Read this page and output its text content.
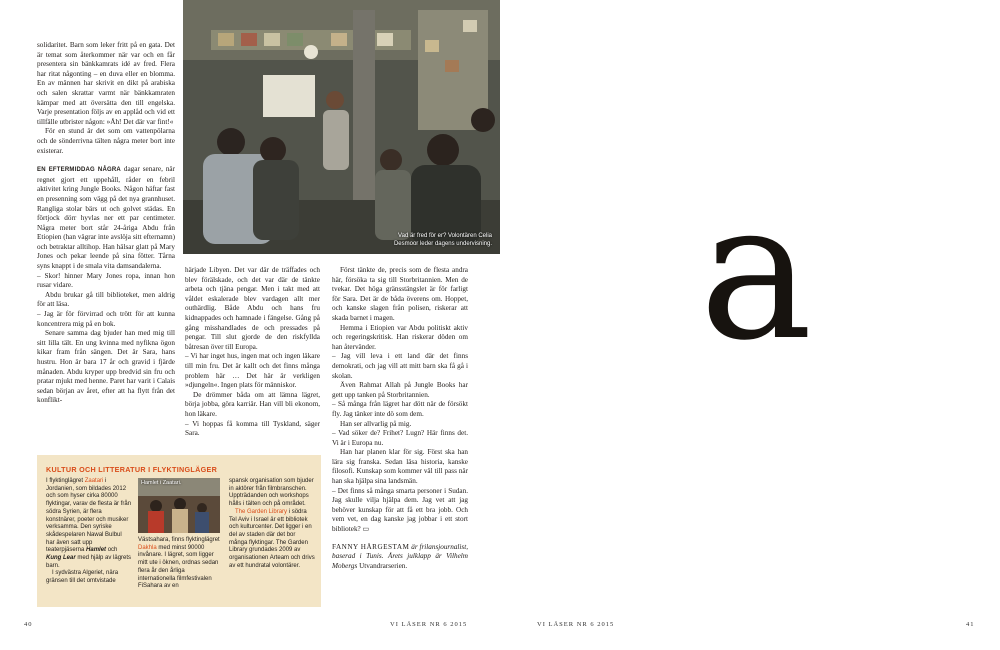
solidaritet. Barn som leker fritt på en gata. Det är temat som återkommer när var och en får presentera sin bänkkamrats idé av fred. Flera har ritat någonting – en duva eller en blomma. En av männen har skrivit en dikt på arabiska och salen skrattar varmt när bänkkamraten kämpar med att översätta den till engelska. Varje presentation följs av en applåd och vid ett tillfälle utbrister någon: »Åh! Det där var fint!«

För en stund är det som om vattenpölarna och de sönderrivna tälten några meter bort inte existerar.

EN EFTERMIDDAG NÅGRA dagar senare, när regnet gjort ett uppehåll, råder en febril aktivitet kring Jungle Books. Någon häftar fast en presenning som vägg på det nya grannhuset. Rangliga stolar bärs ut och golvet städas. En förtjock dörr hyvlas ner ett par centimeter. Några meter bort står 24-åriga Abdu från Etiopien (han vägrar inte avslöja sitt efternamn) och betraktar alltihop. Han hälsar glatt på Mary Jones och pekar leende på sina fötter. Tårna syns knappt i de smala vita damsandalerna.

– Skor! hinner Mary Jones ropa, innan hon rusar vidare.

Abdu brukar gå till biblioteket, men aldrig för att läsa.

– Jag är för förvirrad och trött för att kunna koncentrera mig på en bok.

Senare samma dag bjuder han med mig till sitt lilla tält. En ung kvinna med nyfikna ögon kikar fram från sängen. Det är Sara, hans hustru. Hon är bara 17 år och gravid i fjärde månaden. Abdu kryper upp bredvid sin fru och pratar mjukt med henne. Paret har varit i Calais sedan början av året, efter att ha flytt från det konflikt-

Vad är fred för er? Volontären Celia Desmoor leder dagens undervisning.

härjade Libyen. Det var där de träffades och blev förälskade, och det var där de tänkte arbeta och tjäna pengar. Men i takt med att våldet eskalerade blev vardagen allt mer outhärdlig. Både Abdu och hans fru kidnappades och hamnade i fängelse. Gång på gång misshandlades de och pressades på pengar. Till slut gjorde de den riskfyllda båtresan över till Europa.

– Vi har inget hus, ingen mat och ingen läkare till min fru. Det är kallt och det finns många problem här … Det här är verkligen »djungeln«. Ingen plats för människor.

De drömmer båda om att lämna lägret, börja jobba, göra karriär. Han vill bli ekonom, hon läkare.

– Vi hoppas få komma till Tyskland, säger Sara.

Först tänkte de, precis som de flesta andra här, försöka ta sig till Storbritannien. Men de tvekar. Det höga gränsstängslet är för farligt för Sara. Det är de båda överens om. Hoppet, och kanske slagen från polisen, riskerar att skada barnet i magen.

Hemma i Etiopien var Abdu politiskt aktiv och regeringskritisk. Han riskerar döden om han återvänder.

– Jag vill leva i ett land där det finns demokrati, och jag vill att mitt barn ska få gå i skolan.

Även Rahmat Allah på Jungle Books har gett upp tanken på Storbritannien.

– Så många från lägret har dött när de försökt fly. Jag tänker inte dö som dem.

Han ser allvarlig på mig.

– Vad söker de? Frihet? Lugn? Här finns det. Vi är i Europa nu.

Han har planen klar för sig. Först ska han lära sig franska. Sedan läsa historia, kanske filosofi. Kunskap som kommer väl till pass när han ska hjälpa sina landsmän.

– Det finns så många smarta personer i Sudan. Jag skulle vilja hjälpa dem. Jag vet att jag behöver kunskap för att få ett bra jobb. Och vem vet, en dag kanske jag jobbar i ett stort bibliotek? ▭

FANNY HÄRGESTAM är frilansjournalist, baserad i Tunis. Årets julklapp är Vilhelm Mobergs Utvandrarserien.

KULTUR OCH LITTERATUR I FLYKTINGLÄGER

I flyktinglägret Zaatari i Jordanien, som bildades 2012 och som hyser cirka 80000 flyktingar, varav de flesta är från södra Syrien, är flera konstnärer, poeter och musiker verksamma. Den syriske skådespelaren Nawal Bulbul har även satt upp teaterpjäserna Hamlet och Kung Lear med hjälp av lägrets barn.

I sydvästra Algeriet, nära gränsen till det omtvistade

Hamlet i Zaatari.

Västsahara, finns flyktinglägret Dakhla med minst 90000 invånare. I lägret, som ligger mitt ute i öknen, ordnas sedan flera år den årliga internationella filmfestivalen FiSahara av en

spansk organisation som bjuder in aktörer från filmbranschen. Uppträdanden och workshops hålls i tälten och på området.

The Garden Library i södra Tel Aviv i Israel är ett bibliotek och kulturcenter. Det ligger i en del av staden där det bor många flyktingar. The Garden Library grundades 2009 av organisationen Arteam och drivs av ett hundratal volontärer.

40	VI LÄSER NR 6 2015
a
VI LÄSER NR 6 2015	41
